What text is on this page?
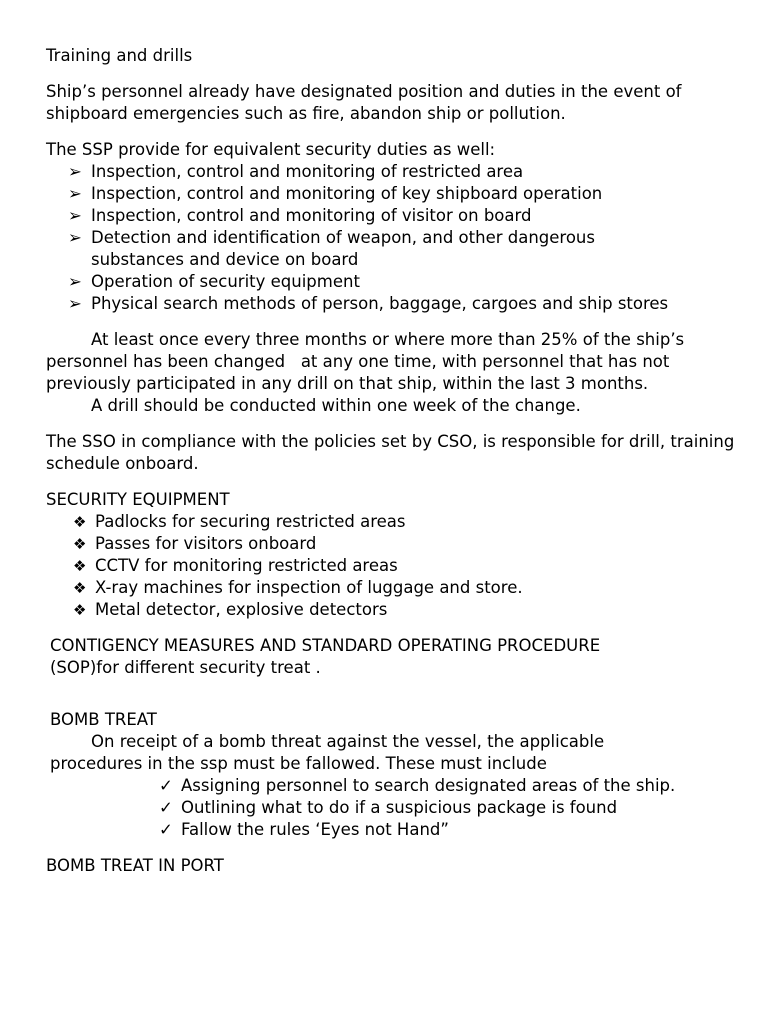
Training and drills

Ship’s personnel already have designated position and duties in the event of shipboard emergencies such as fire, abandon ship or pollution.

The SSP provide for equivalent security duties as well:

➢ Inspection, control and monitoring of restricted area
➢ Inspection, control and monitoring of key shipboard operation
➢ Inspection, control and monitoring of visitor on board
➢ Detection and identification of weapon, and other dangerous substances and device on board
➢ Operation of security equipment
➢ Physical search methods of person, baggage, cargoes and ship stores

At least once every three months or where more than 25% of the ship’s personnel has been changed   at any one time, with personnel that has not previously participated in any drill on that ship, within the last 3 months.

A drill should be conducted within one week of the change.

The SSO in compliance with the policies set by CSO, is responsible for drill, training schedule onboard.

SECURITY EQUIPMENT

❖ Padlocks for securing restricted areas
❖ Passes for visitors onboard
❖ CCTV for monitoring restricted areas
❖ X-ray machines for inspection of luggage and store.
❖ Metal detector, explosive detectors

CONTIGENCY MEASURES AND STANDARD OPERATING PROCEDURE (SOP)for different security treat .

BOMB TREAT

On receipt of a bomb threat against the vessel, the applicable procedures in the ssp must be fallowed. These must include

✓ Assigning personnel to search designated areas of the ship.
✓ Outlining what to do if a suspicious package is found
✓ Fallow the rules ‘Eyes not Hand”

BOMB TREAT IN PORT
